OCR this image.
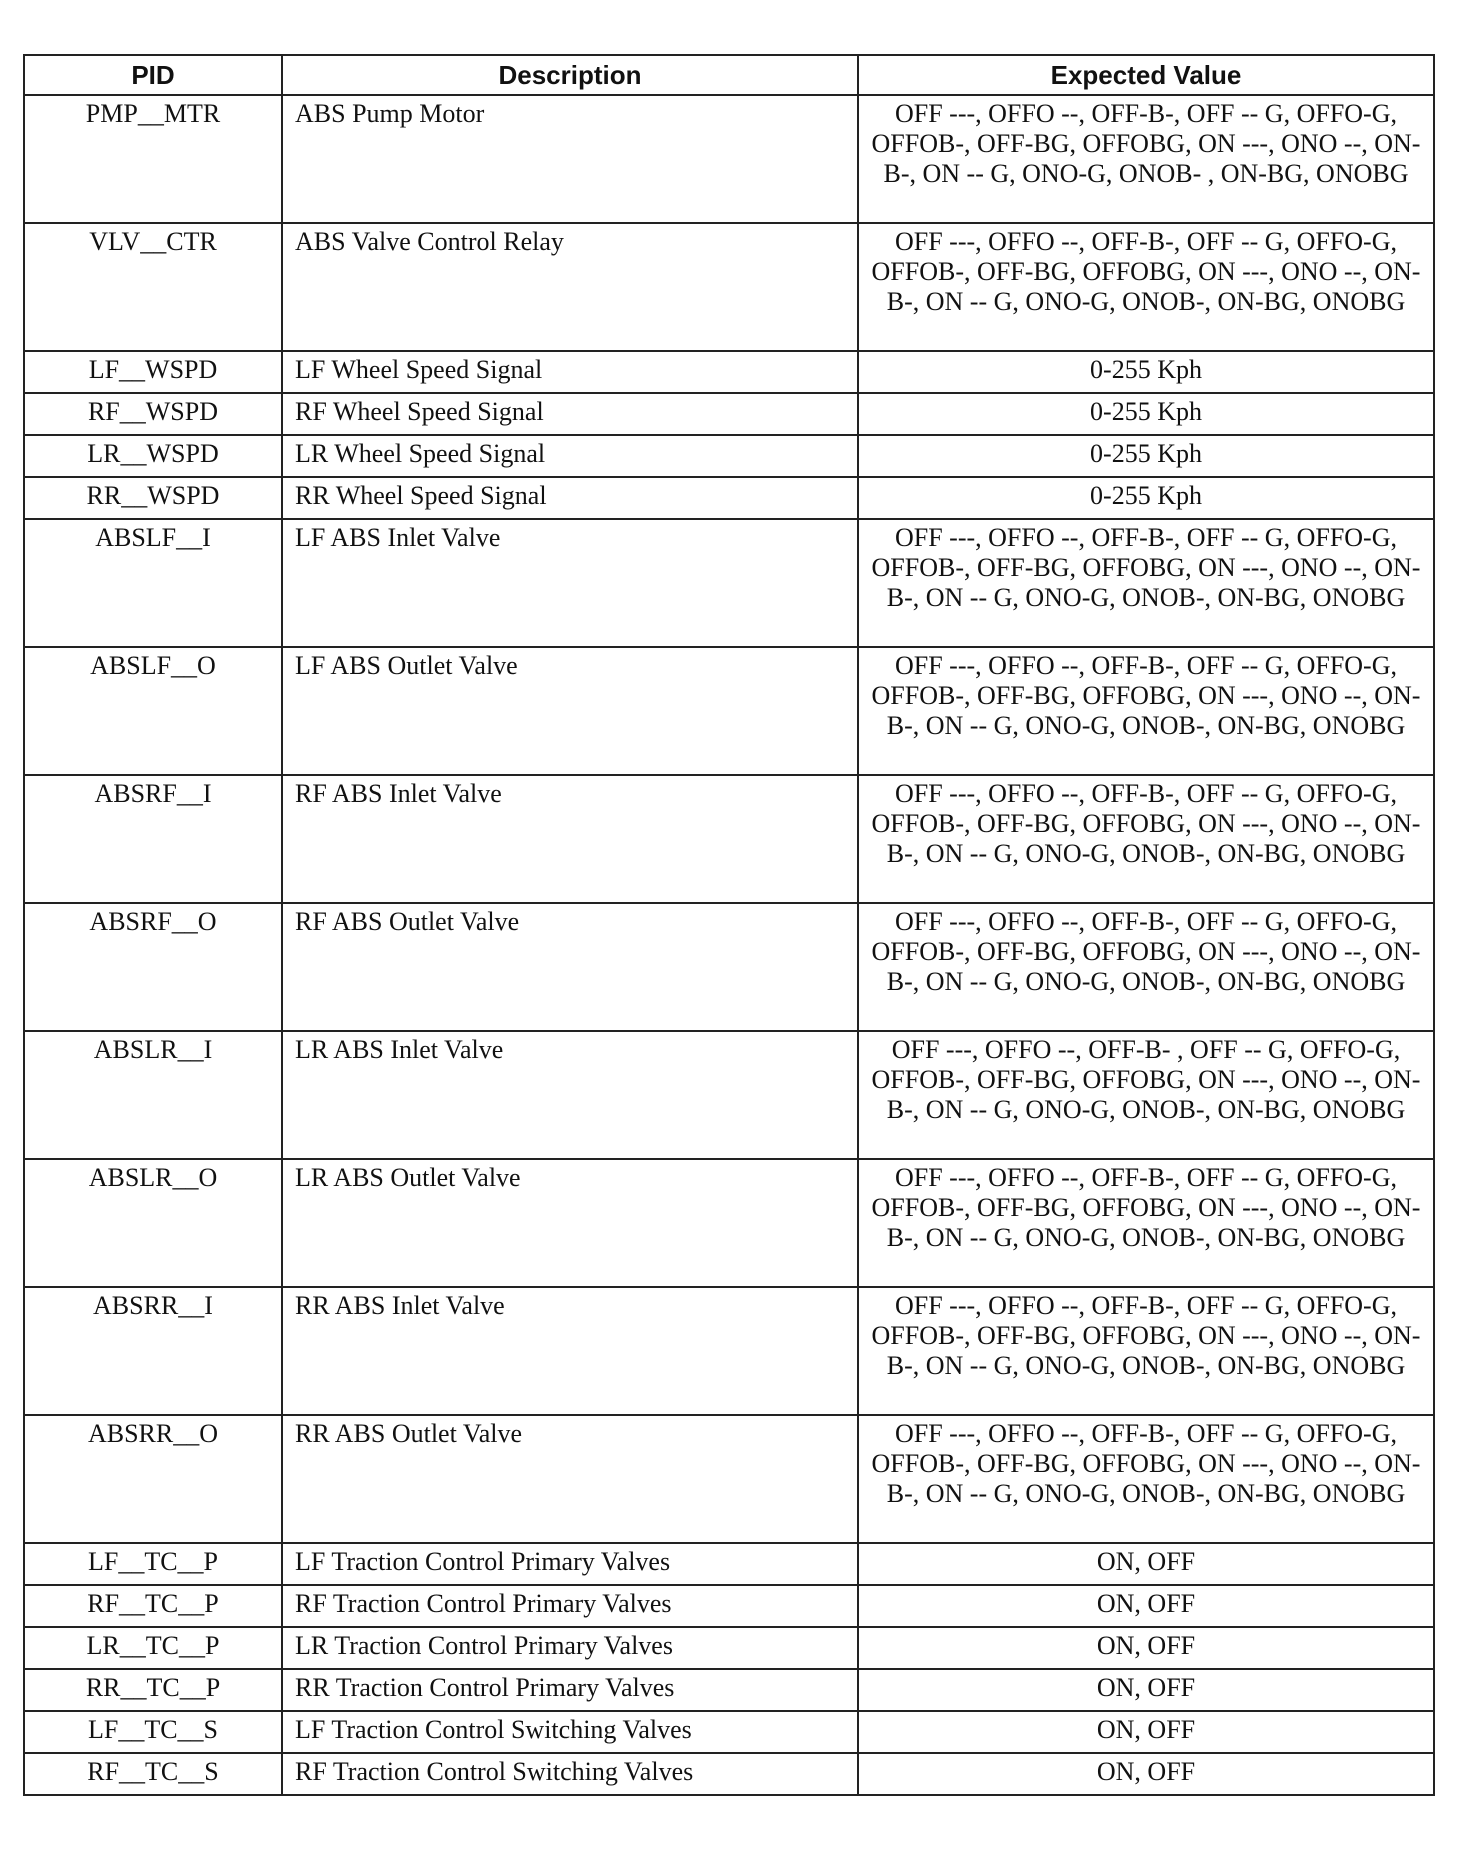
PID	Description	Expected Value
PMP__MTR	ABS Pump Motor	OFF ---, OFFO --, OFF-B-, OFF -- G, OFFO-G, OFFOB-, OFF-BG, OFFOBG, ON ---, ONO --, ON-B-, ON -- G, ONO-G, ONOB- , ON-BG, ONOBG
VLV__CTR	ABS Valve Control Relay	OFF ---, OFFO --, OFF-B-, OFF -- G, OFFO-G, OFFOB-, OFF-BG, OFFOBG, ON ---, ONO --, ON-B-, ON -- G, ONO-G, ONOB-, ON-BG, ONOBG
LF__WSPD	LF Wheel Speed Signal	0-255 Kph
RF__WSPD	RF Wheel Speed Signal	0-255 Kph
LR__WSPD	LR Wheel Speed Signal	0-255 Kph
RR__WSPD	RR Wheel Speed Signal	0-255 Kph
ABSLF__I	LF ABS Inlet Valve	OFF ---, OFFO --, OFF-B-, OFF -- G, OFFO-G, OFFOB-, OFF-BG, OFFOBG, ON ---, ONO --, ON-B-, ON -- G, ONO-G, ONOB-, ON-BG, ONOBG
ABSLF__O	LF ABS Outlet Valve	OFF ---, OFFO --, OFF-B-, OFF -- G, OFFO-G, OFFOB-, OFF-BG, OFFOBG, ON ---, ONO --, ON-B-, ON -- G, ONO-G, ONOB-, ON-BG, ONOBG
ABSRF__I	RF ABS Inlet Valve	OFF ---, OFFO --, OFF-B-, OFF -- G, OFFO-G, OFFOB-, OFF-BG, OFFOBG, ON ---, ONO --, ON-B-, ON -- G, ONO-G, ONOB-, ON-BG, ONOBG
ABSRF__O	RF ABS Outlet Valve	OFF ---, OFFO --, OFF-B-, OFF -- G, OFFO-G, OFFOB-, OFF-BG, OFFOBG, ON ---, ONO --, ON-B-, ON -- G, ONO-G, ONOB-, ON-BG, ONOBG
ABSLR__I	LR ABS Inlet Valve	OFF ---, OFFO --, OFF-B- , OFF -- G, OFFO-G, OFFOB-, OFF-BG, OFFOBG, ON ---, ONO --, ON-B-, ON -- G, ONO-G, ONOB-, ON-BG, ONOBG
ABSLR__O	LR ABS Outlet Valve	OFF ---, OFFO --, OFF-B-, OFF -- G, OFFO-G, OFFOB-, OFF-BG, OFFOBG, ON ---, ONO --, ON-B-, ON -- G, ONO-G, ONOB-, ON-BG, ONOBG
ABSRR__I	RR ABS Inlet Valve	OFF ---, OFFO --, OFF-B-, OFF -- G, OFFO-G, OFFOB-, OFF-BG, OFFOBG, ON ---, ONO --, ON-B-, ON -- G, ONO-G, ONOB-, ON-BG, ONOBG
ABSRR__O	RR ABS Outlet Valve	OFF ---, OFFO --, OFF-B-, OFF -- G, OFFO-G, OFFOB-, OFF-BG, OFFOBG, ON ---, ONO --, ON-B-, ON -- G, ONO-G, ONOB-, ON-BG, ONOBG
LF__TC__P	LF Traction Control Primary Valves	ON, OFF
RF__TC__P	RF Traction Control Primary Valves	ON, OFF
LR__TC__P	LR Traction Control Primary Valves	ON, OFF
RR__TC__P	RR Traction Control Primary Valves	ON, OFF
LF__TC__S	LF Traction Control Switching Valves	ON, OFF
RF__TC__S	RF Traction Control Switching Valves	ON, OFF
